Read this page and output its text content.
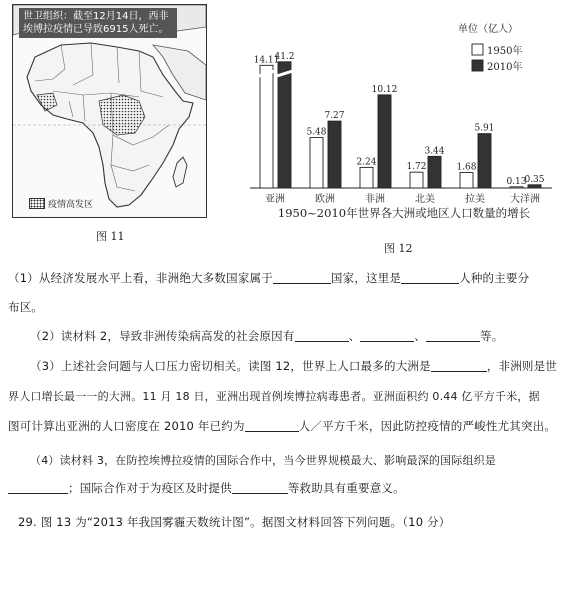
世卫组织：截至12月14日，西非埃博拉疫情已导致6915人死亡。
疫情高发区
图 11
14.11
41.2
亚洲
5.48
7.27
欧洲
2.24
10.12
非洲
1.72
3.44
北美
1.68
5.91
拉美
0.13
0.35
大洋洲
单位（亿人）
1950年
2010年
1950~2010年世界各大洲或地区人口数量的增长
图 12
（1）从经济发展水平上看，非洲绝大多数国家属于	国家，这里是	人种的主要分
布区。
（2）读材料 2，导致非洲传染病高发的社会原因有	、	、	等。
（3）上述社会问题与人口压力密切相关。读图 12，世界上人口最多的大洲是	，非洲则是世
界人口增长最一一的大洲。11 月 18 日，亚洲出现首例埃博拉病毒患者。亚洲面积约 0.44 亿平方千米，据
图可计算出亚洲的人口密度在 2010 年已约为	人／平方千米，因此防控疫情的严峻性尤其突出。
（4）读材料 3，在防控埃博拉疫情的国际合作中，当今世界规模最大、影响最深的国际组织是
；国际合作对于为疫区及时提供	等救助具有重要意义。
29. 图 13 为“2013 年我国雾霾天数统计图”。据图文材料回答下列问题。（10 分）
